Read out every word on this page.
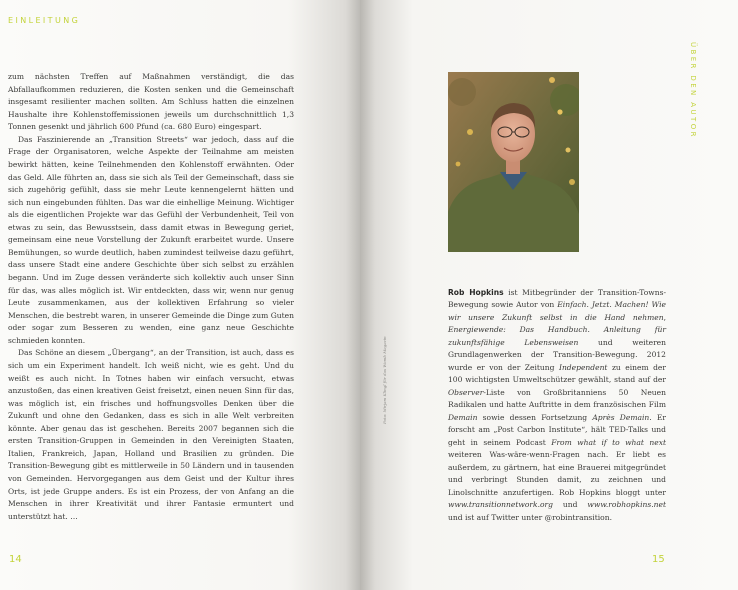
EINLEITUNG

zum nächsten Treffen auf Maßnahmen verständigt, die das Abfallaufkommen reduzieren, die Kosten senken und die Gemeinschaft insgesamt resilienter machen sollten. Am Schluss hatten die einzelnen Haushalte ihre Kohlenstoffemissionen jeweils um durchschnittlich 1,3 Tonnen gesenkt und jährlich 600 Pfund (ca. 680 Euro) eingespart.

Das Faszinierende an „Transition Streets“ war jedoch, dass auf die Frage der Organisatoren, welche Aspekte der Teilnahme am meisten bewirkt hätten, keine Teilnehmenden den Kohlenstoff erwähnten. Oder das Geld. Alle führten an, dass sie sich als Teil der Gemeinschaft, dass sie sich zugehörig gefühlt, dass sie mehr Leute kennengelernt hätten und sich nun eingebunden fühlten. Das war die einhellige Meinung. Wichtiger als die eigentlichen Projekte war das Gefühl der Verbundenheit, Teil von etwas zu sein, das Bewusstsein, dass damit etwas in Bewegung geriet, gemeinsam eine neue Vorstellung der Zukunft erarbeitet wurde. Unsere Bemühungen, so wurde deutlich, haben zumindest teilweise dazu geführt, dass unsere Stadt eine andere Geschichte über sich selbst zu erzählen begann. Und im Zuge dessen veränderte sich kollektiv auch unser Sinn für das, was alles möglich ist. Wir entdeckten, dass wir, wenn nur genug Leute zusammenkamen, aus der kollektiven Erfahrung so vieler Menschen, die bestrebt waren, in unserer Gemeinde die Dinge zum Guten oder sogar zum Besseren zu wenden, eine ganz neue Geschichte schmieden konnten.

Das Schöne an diesem „Übergang“, an der Transition, ist auch, dass es sich um ein Experiment handelt. Ich weiß nicht, wie es geht. Und du weißt es auch nicht. In Totnes haben wir einfach versucht, etwas anzustoßen, das einen kreativen Geist freisetzt, einen neuen Sinn für das, was möglich ist, ein frisches und hoffnungsvolles Denken über die Zukunft und ohne den Gedanken, dass es sich in alle Welt verbreiten könnte. Aber genau das ist geschehen. Bereits 2007 begannen sich die ersten Transition-Gruppen in Gemeinden in den Vereinigten Staaten, Italien, Frankreich, Japan, Holland und Brasilien zu gründen. Die Transition-Bewegung gibt es mittlerweile in 50 Ländern und in tausenden von Gemeinden. Hervorgegangen aus dem Geist und der Kultur ihres Orts, ist jede Gruppe anders. Es ist ein Prozess, der von Anfang an die Menschen in ihrer Kreativität und ihrer Fantasie ermuntert und unterstützt hat. …

14
Foto: Mirjam Klingl für das Womb Magazin
ÜBER DEN AUTOR

Rob Hopkins ist Mitbegründer der Transition-Towns-Bewegung sowie Autor von Einfach. Jetzt. Machen! Wie wir unsere Zukunft selbst in die Hand nehmen, Energiewende: Das Handbuch. Anleitung für zukunftsfähige Lebensweisen und weiteren Grundlagenwerken der Transition-Bewegung. 2012 wurde er von der Zeitung Independent zu einem der 100 wichtigsten Umweltschützer gewählt, stand auf der Observer-Liste von Großbritanniens 50 Neuen Radikalen und hatte Auftritte in dem französischen Film Demain sowie dessen Fortsetzung Après Demain. Er forscht am „Post Carbon Institute“, hält TED-Talks und geht in seinem Podcast From what if to what next weiteren Was-wäre-wenn-Fragen nach. Er liebt es außerdem, zu gärtnern, hat eine Brauerei mitgegründet und verbringt Stunden damit, zu zeichnen und Linolschnitte anzufertigen. Rob Hopkins bloggt unter www.transitionnetwork.org und www.robhopkins.net und ist auf Twitter unter @robintransition.

15
